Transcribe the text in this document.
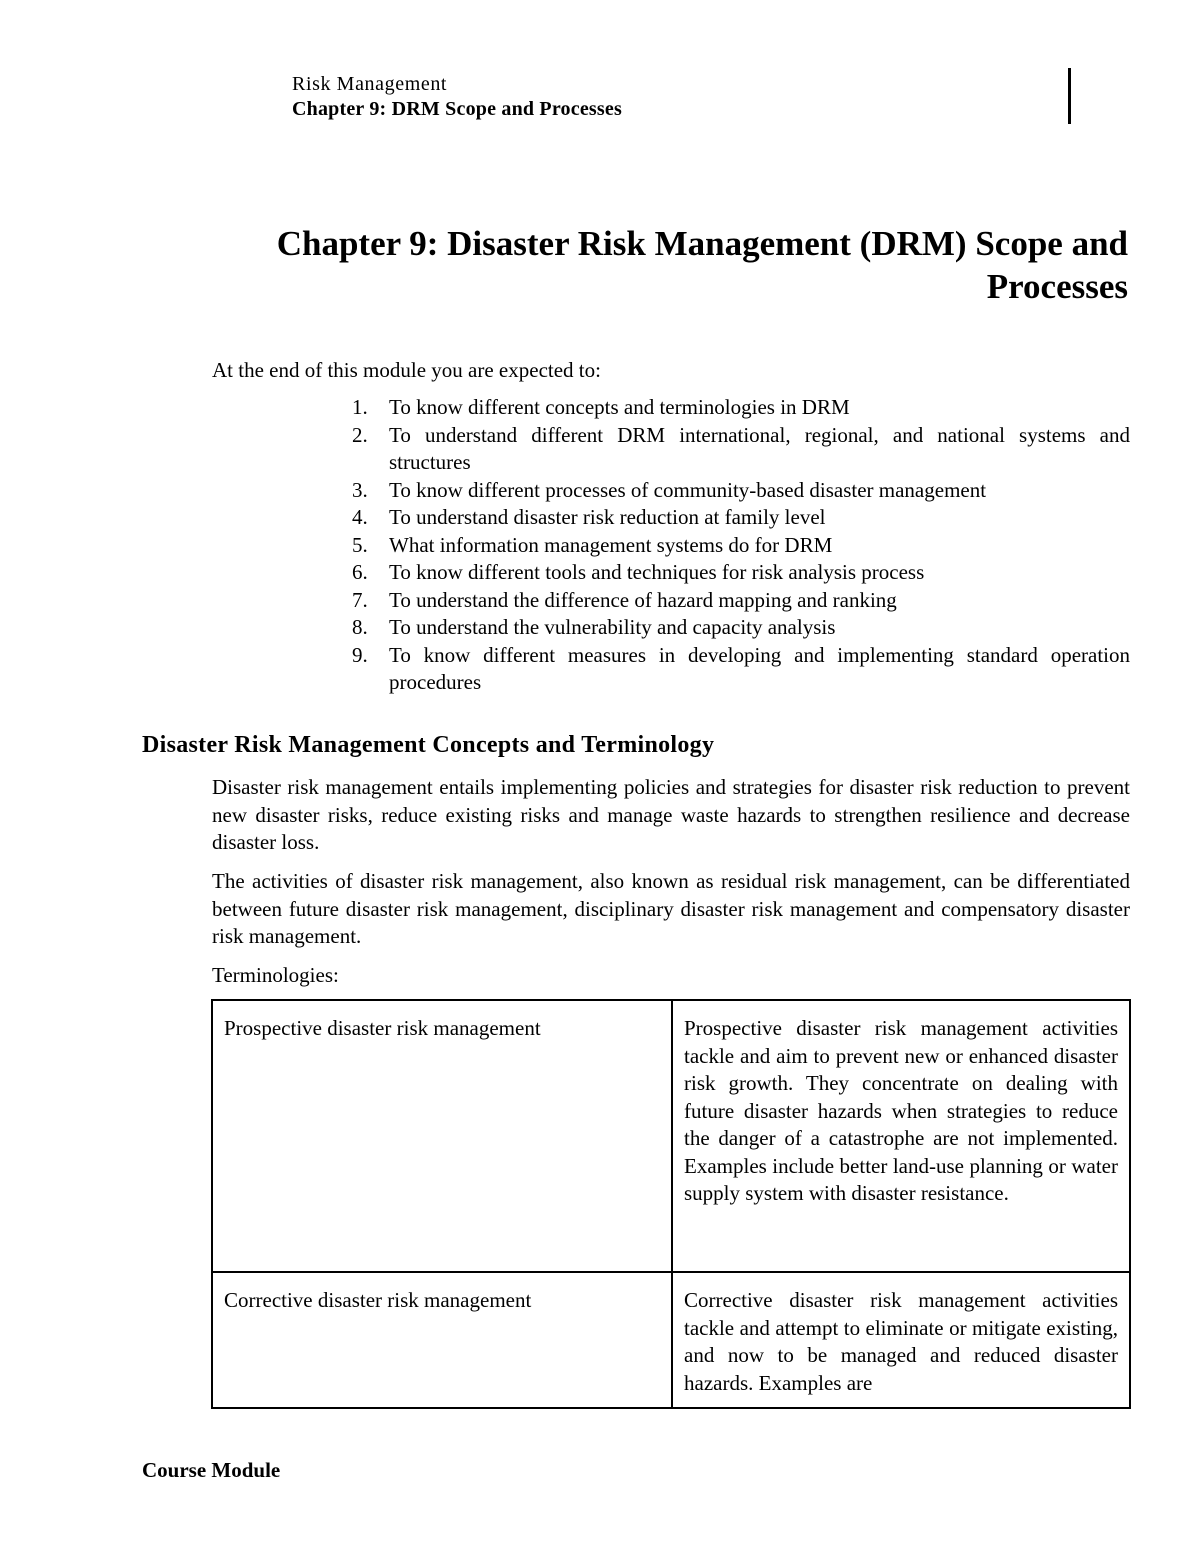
Risk Management
Chapter 9: DRM Scope and Processes
Chapter 9: Disaster Risk Management (DRM) Scope and
Processes

At the end of this module you are expected to:

1. To know different concepts and terminologies in DRM
2. To understand different DRM international, regional, and national systems and structures
3. To know different processes of community-based disaster management
4. To understand disaster risk reduction at family level
5. What information management systems do for DRM
6. To know different tools and techniques for risk analysis process
7. To understand the difference of hazard mapping and ranking
8. To understand the vulnerability and capacity analysis
9. To know different measures in developing and implementing standard operation procedures
Disaster Risk Management Concepts and Terminology

Disaster risk management entails implementing policies and strategies for disaster risk reduction to prevent new disaster risks, reduce existing risks and manage waste hazards to strengthen resilience and decrease disaster loss.

The activities of disaster risk management, also known as residual risk management, can be differentiated between future disaster risk management, disciplinary disaster risk management and compensatory disaster risk management.

Terminologies:

Prospective disaster risk management	Prospective disaster risk management activities tackle and aim to prevent new or enhanced disaster risk growth. They concentrate on dealing with future disaster hazards when strategies to reduce the danger of a catastrophe are not implemented. Examples include better land-use planning or water supply system with disaster resistance.
Corrective disaster risk management	Corrective disaster risk management activities tackle and attempt to eliminate or mitigate existing, and now to be managed and reduced disaster hazards. Examples are

Course Module
